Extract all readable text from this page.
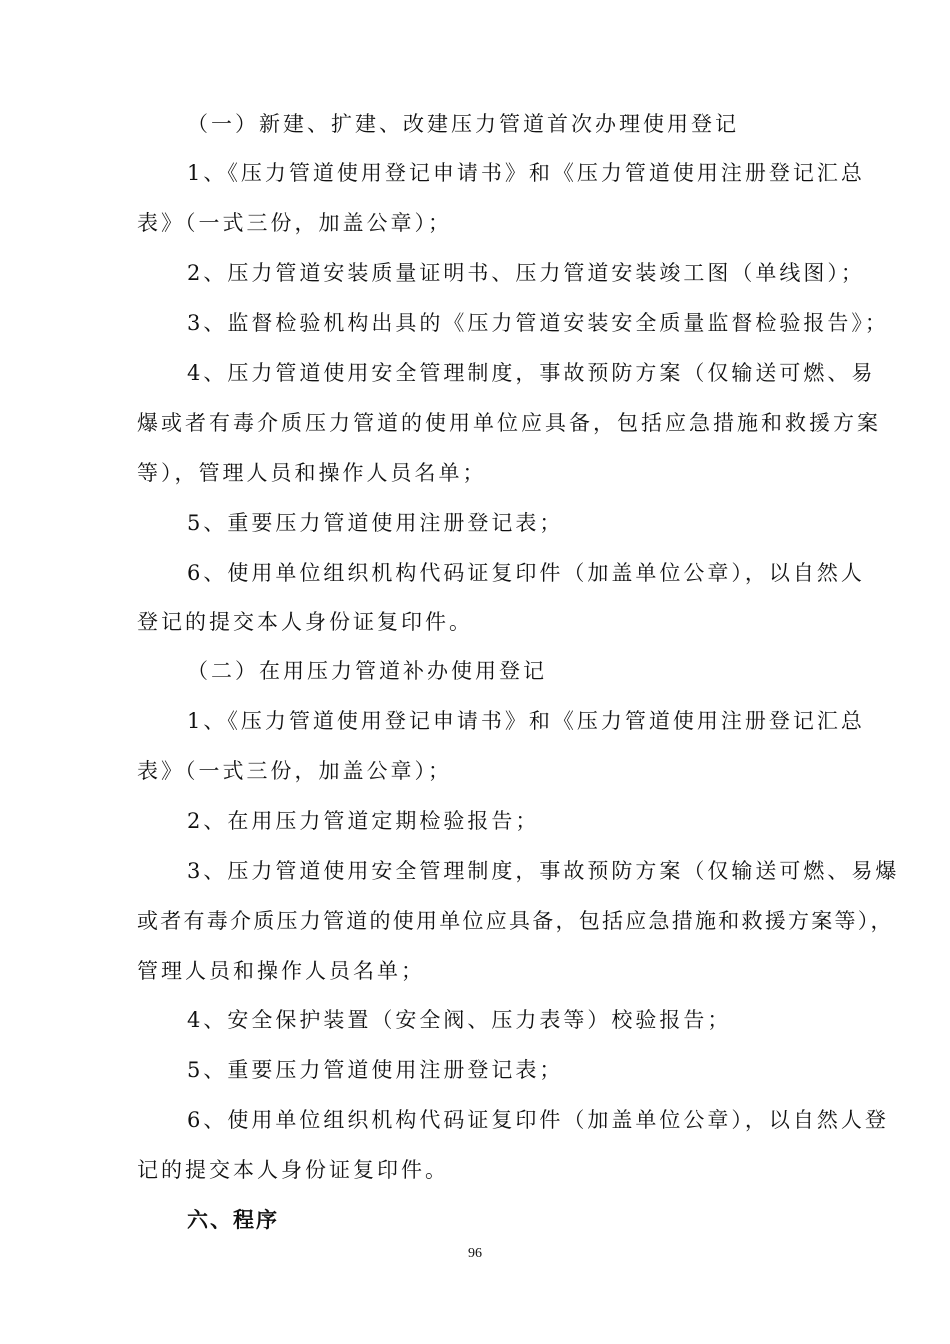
（一）新建、扩建、改建压力管道首次办理使用登记
1、《压力管道使用登记申请书》和《压力管道使用注册登记汇总
表》（一式三份，加盖公章）；
2、压力管道安装质量证明书、压力管道安装竣工图（单线图）；
3、监督检验机构出具的《压力管道安装安全质量监督检验报告》；
4、压力管道使用安全管理制度，事故预防方案（仅输送可燃、易
爆或者有毒介质压力管道的使用单位应具备，包括应急措施和救援方案
等），管理人员和操作人员名单；
5、重要压力管道使用注册登记表；
6、使用单位组织机构代码证复印件（加盖单位公章），以自然人
登记的提交本人身份证复印件。
（二）在用压力管道补办使用登记
1、《压力管道使用登记申请书》和《压力管道使用注册登记汇总
表》（一式三份，加盖公章）；
2、在用压力管道定期检验报告；
3、压力管道使用安全管理制度，事故预防方案（仅输送可燃、易爆
或者有毒介质压力管道的使用单位应具备，包括应急措施和救援方案等），
管理人员和操作人员名单；
4、安全保护装置（安全阀、压力表等）校验报告；
5、重要压力管道使用注册登记表；
6、使用单位组织机构代码证复印件（加盖单位公章），以自然人登
记的提交本人身份证复印件。
六、程序
96
